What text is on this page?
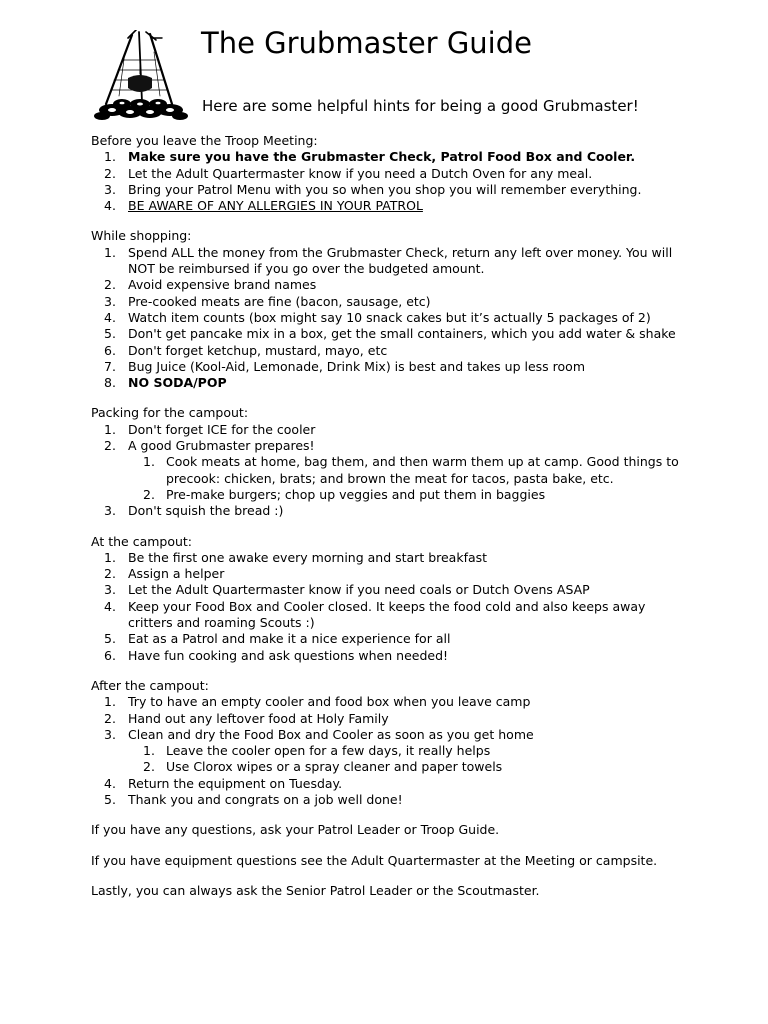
The Grubmaster Guide

Here are some helpful hints for being a good Grubmaster!

Before you leave the Troop Meeting:

1. Make sure you have the Grubmaster Check, Patrol Food Box and Cooler.
2. Let the Adult Quartermaster know if you need a Dutch Oven for any meal.
3. Bring your Patrol Menu with you so when you shop you will remember everything.
4. BE AWARE OF ANY ALLERGIES IN YOUR PATROL

While shopping:

1. Spend ALL the money from the Grubmaster Check, return any left over money. You will NOT be reimbursed if you go over the budgeted amount.
2. Avoid expensive brand names
3. Pre-cooked meats are fine (bacon, sausage, etc)
4. Watch item counts (box might say 10 snack cakes but it’s actually 5 packages of 2)
5. Don't get pancake mix in a box, get the small containers, which you add water & shake
6. Don't forget ketchup, mustard, mayo, etc
7. Bug Juice (Kool-Aid, Lemonade, Drink Mix) is best and takes up less room
8. NO SODA/POP

Packing for the campout:

1. Don't forget ICE for the cooler
2. A good Grubmaster prepares!
1. Cook meats at home, bag them, and then warm them up at camp. Good things to precook: chicken, brats; and brown the meat for tacos, pasta bake, etc.
2. Pre-make burgers; chop up veggies and put them in baggies
3. Don't squish the bread :)

At the campout:

1. Be the first one awake every morning and start breakfast
2. Assign a helper
3. Let the Adult Quartermaster know if you need coals or Dutch Ovens ASAP
4. Keep your Food Box and Cooler closed. It keeps the food cold and also keeps away critters and roaming Scouts :)
5. Eat as a Patrol and make it a nice experience for all
6. Have fun cooking and ask questions when needed!

After the campout:

1. Try to have an empty cooler and food box when you leave camp
2. Hand out any leftover food at Holy Family
3. Clean and dry the Food Box and Cooler as soon as you get home
1. Leave the cooler open for a few days, it really helps
2. Use Clorox wipes or a spray cleaner and paper towels
4. Return the equipment on Tuesday.
5. Thank you and congrats on a job well done!

If you have any questions, ask your Patrol Leader or Troop Guide.

If you have equipment questions see the Adult Quartermaster at the Meeting or campsite.

Lastly, you can always ask the Senior Patrol Leader or the Scoutmaster.
